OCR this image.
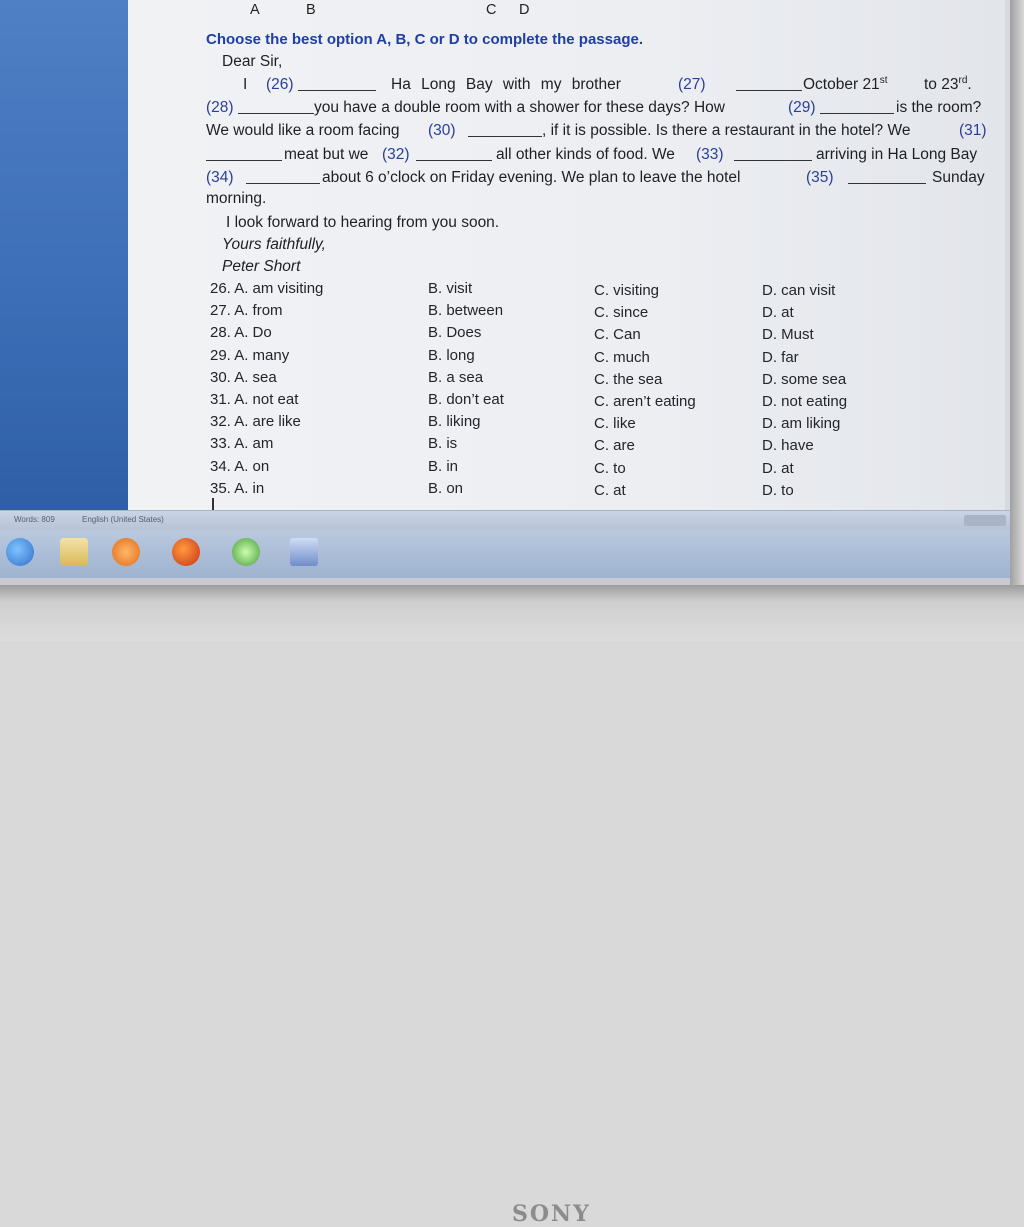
A	B	C D
Choose the best option A, B, C or D to complete the passage.
Dear Sir,
I (26)	Ha Long Bay with my brother	(27)	October 21st to 23rd.
(28)	you have a double room with a shower for these days? How	(29)	is the room?
We would like a room facing (30)	, if it is possible. Is there a restaurant in the hotel? We	(31)
meat but we (32)	all other kinds of food. We (33)	arriving in Ha Long Bay
(34)	about 6 o’clock on Friday evening. We plan to leave the hotel	(35)	Sunday
morning.
I look forward to hearing from you soon.
Yours faithfully,
Peter Short
26. A. am visiting	B. visit	C. visiting	D. can visit
27. A. from	B. between	C. since	D. at
28. A. Do	B. Does	C. Can	D. Must
29. A. many	B. long	C. much	D. far
30. A. sea	B. a sea	C. the sea	D. some sea
31. A. not eat	B. don’t eat	C. aren’t eating	D. not eating
32. A. are like	B. liking	C. like	D. am liking
33. A. am	B. is	C. are	D. have
34. A. on	B. in	C. to	D. at
35. A. in	B. on	C. at	D. to
Words: 809	English (United States)
SONY
